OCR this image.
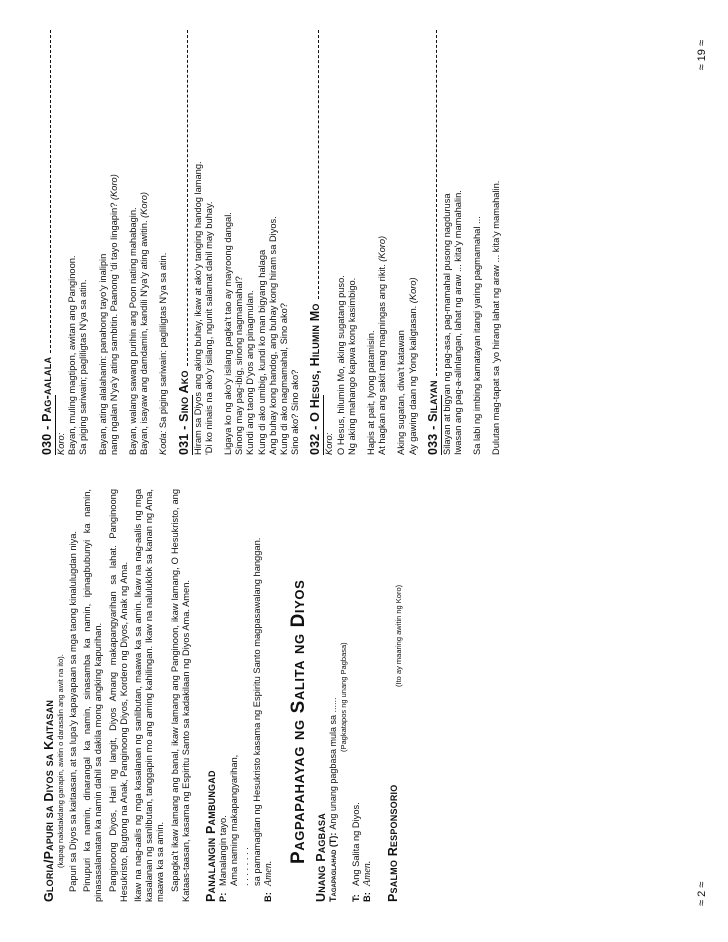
Gloria/Papuri sa Diyos sa Kaitasan (kapag nakatakdang ganapin, awitin o darasalin ang awit na ito). Papuri sa Diyos sa kaitaasan, at sa lupa'y kapayapaan sa mga taong kinalulugdan niya. Pinupuri ka namin, dinarangal ka namin, sinasamba ka namin, ipinagbubunyi ka namin, pinasasalamatan ka namin dahil sa dakila mong angking kapurihan. Panginoong Diyos, Hari ng langit, Diyos Amang makapangyarihan sa lahat. Panginoong Hesukristo, Bugtong na Anak, Panginoong Diyos, Kordero ng Diyos, Anak ng Ama. Ikaw na nag-aalis ng mga kasalanan ng sanlibutan, maawa ka sa amin. Ikaw na nag-aalis ng mga kasalanan ng sanlibutan, tanggapin mo ang aming kahilingan. Ikaw na naluluklok sa kanan ng Ama, maawa ka sa amin. Sapagka't ikaw lamang ang banal, ikaw lamang ang Panginoon, ikaw lamang, O Hesukristo, ang Kataas-taasan, kasama ng Espiritu Santo sa kadakilaan ng Diyos Ama. Amen. Panalangin Pambungad P:
Manalangin tayo. Ama naming makapangyarihan, . . . . . . . . sa pamamagitan ng Hesukristo kasama ng Espiritu Santo magpasawalang hanggan.
B:
Amen.
Pagpapahayag ng Salita ng Diyos Unang Pagbasa Tagapaglahad (T):
Ang unang pagbasa mula sa ......
(Pagkatapos ng unang Pagbasa)
T:
Ang Salita ng Diyos.
B:
Amen. Psalmo Responsorio
(Ito ay maaring awitin ng Koro)
≈ 2 ≈
030 - Pag-aalala Koro: Bayan, muling magtipon, awitan ang Panginoon. Sa piging sariwain; pagliligtas N'ya sa atin. Bayan, ating alalahanin: panahong tayo'y inalipin nang ngalan N'ya'y ating sambitin. Paanong 'di tayo lingapin? (Koro)

Bayan, walang sawang purihin ang Poon nating mahabagin. Bayan, isayaw ang damdamin, kandili N'ya'y ating awitin. (Koro)

Koda: Sa piging sariwain: pagliligtas N'ya sa atin. 031 - Sino Ako Hiram sa Diyos ang aking buhay, ikaw at ako'y tanging handog lamang. 'Di ko ninais na ako'y isilang, ngunit salamat dahil may buhay. Ligaya ko ng ako'y isilang pagka't tao ay mayroong dangal. Sinong may pag-ibig, sinong nagmamahal? Kundi ang taong D'yos ang pinagmulan. Kung di ako umibig, kundi ko man bigyang halaga Ang buhay kong handog, ang buhay kong hiram sa Diyos. Kung di ako nagmamahal, Sino ako? Sino ako? Sino ako? 032 - O Hesus, Hilumin Mo Koro: O Hesus, hilumin Mo, aking sugatang puso. Ng aking mahango kapwa kong kasimbigo. Hapis at pait, Iyong patamisin. At hagkan ang sakit nang magningas ang rikit. (Koro)

Aking sugatan, diwa't katawan Ay gawing daan ng Yong kaligtasan. (Koro)

033 - Silayan Silayan at bigyan ng pag-asa, pag-mamahal pusong nagdurusa Iwasan ang pag-a-alinlangan, lahat ng araw ... kita'y mamahalin. Sa labi ng imbing kamatayan itangi yaring pagmamahal ... Dulutan mag-tapat sa 'yo hirang lahat ng araw ... kita'y mamahalin.

≈ 19 ≈
